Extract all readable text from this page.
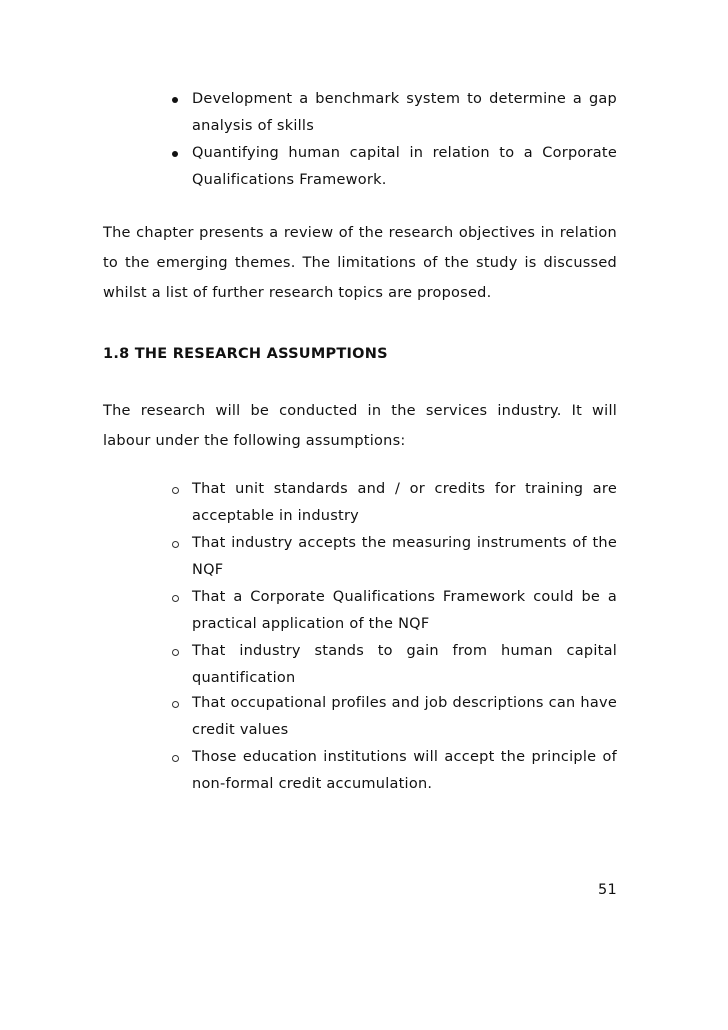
Development a benchmark system to determine a gap
analysis of skills
Quantifying human capital in relation to a Corporate
Qualifications Framework.
The chapter presents a review of the research objectives in relation
to the emerging themes. The limitations of the study is discussed
whilst a list of further research topics are proposed.
1.8 THE RESEARCH ASSUMPTIONS
The research will be conducted in the services industry. It will
labour under the following assumptions:
That unit standards and / or credits for training are
acceptable in industry
That industry accepts the measuring instruments of the
NQF
That a Corporate Qualifications Framework could be a
practical application of the NQF
That industry stands to gain from human capital
quantification
That occupational profiles and job descriptions can have
credit values
Those education institutions will accept the principle of
non-formal credit accumulation.
51
